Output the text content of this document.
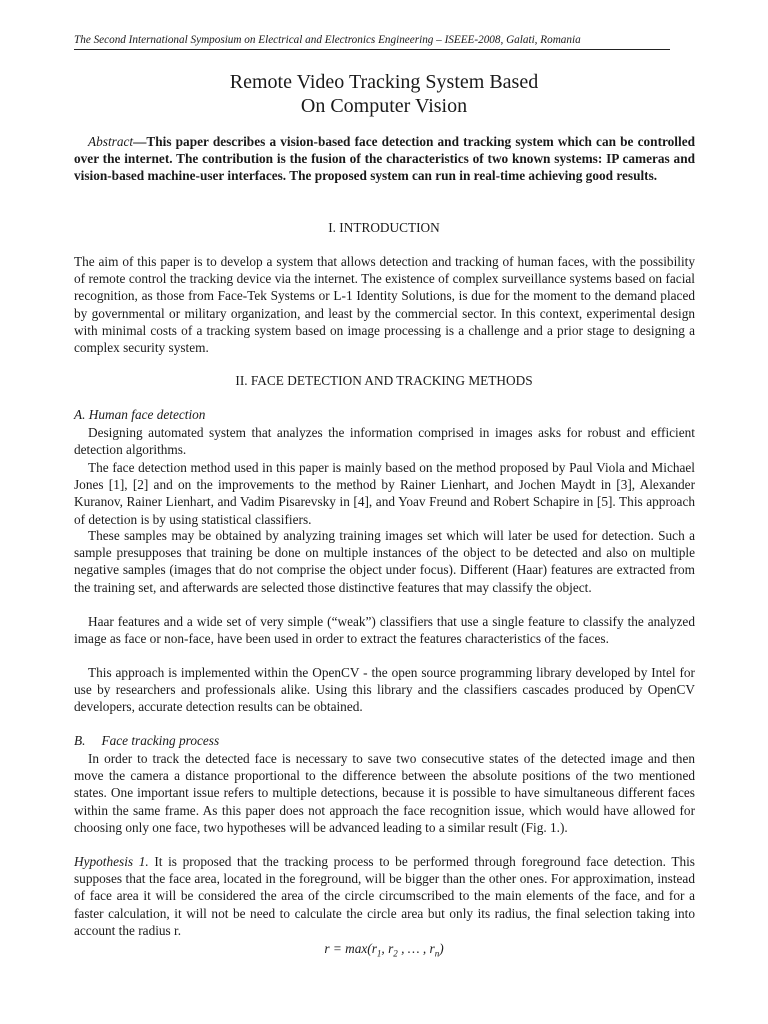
The Second International Symposium on Electrical and Electronics Engineering – ISEEE-2008, Galati, Romania
Remote Video Tracking System Based
On Computer Vision
Abstract—This paper describes a vision-based face detection and tracking system which can be controlled over the internet. The contribution is the fusion of the characteristics of two known systems: IP cameras and vision-based machine-user interfaces. The proposed system can run in real-time achieving good results.
I. INTRODUCTION
The aim of this paper is to develop a system that allows detection and tracking of human faces, with the possibility of remote control the tracking device via the internet. The existence of complex surveillance systems based on facial recognition, as those from Face-Tek Systems or L-1 Identity Solutions, is due for the moment to the demand placed by governmental or military organization, and least by the commercial sector. In this context, experimental design with minimal costs of a tracking system based on image processing is a challenge and a prior stage to designing a complex security system.
II. FACE DETECTION AND TRACKING METHODS
A. Human face detection
Designing automated system that analyzes the information comprised in images asks for robust and efficient detection algorithms.
The face detection method used in this paper is mainly based on the method proposed by Paul Viola and Michael Jones [1], [2] and on the improvements to the method by Rainer Lienhart, and Jochen Maydt in [3], Alexander Kuranov, Rainer Lienhart, and Vadim Pisarevsky in [4], and Yoav Freund and Robert Schapire in [5]. This approach of detection is by using statistical classifiers.
These samples may be obtained by analyzing training images set which will later be used for detection. Such a sample presupposes that training be done on multiple instances of the object to be detected and also on multiple negative samples (images that do not comprise the object under focus). Different (Haar) features are extracted from the training set, and afterwards are selected those distinctive features that may classify the object.
Haar features and a wide set of very simple (“weak”) classifiers that use a single feature to classify the analyzed image as face or non-face, have been used in order to extract the features characteristics of the faces.
This approach is implemented within the OpenCV - the open source programming library developed by Intel for use by researchers and professionals alike. Using this library and the classifiers cascades produced by OpenCV developers, accurate detection results can be obtained.
B. Face tracking process
In order to track the detected face is necessary to save two consecutive states of the detected image and then move the camera a distance proportional to the difference between the absolute positions of the two mentioned states. One important issue refers to multiple detections, because it is possible to have simultaneous different faces within the same frame. As this paper does not approach the face recognition issue, which would have allowed for choosing only one face, two hypotheses will be advanced leading to a similar result (Fig. 1.).
Hypothesis 1. It is proposed that the tracking process to be performed through foreground face detection. This supposes that the face area, located in the foreground, will be bigger than the other ones. For approximation, instead of face area it will be considered the area of the circle circumscribed to the main elements of the face, and for a faster calculation, it will not be need to calculate the circle area but only its radius, the final selection taking into account the radius r.
$r = \max(r_1$, $r_2$ , … , $r_n$)
